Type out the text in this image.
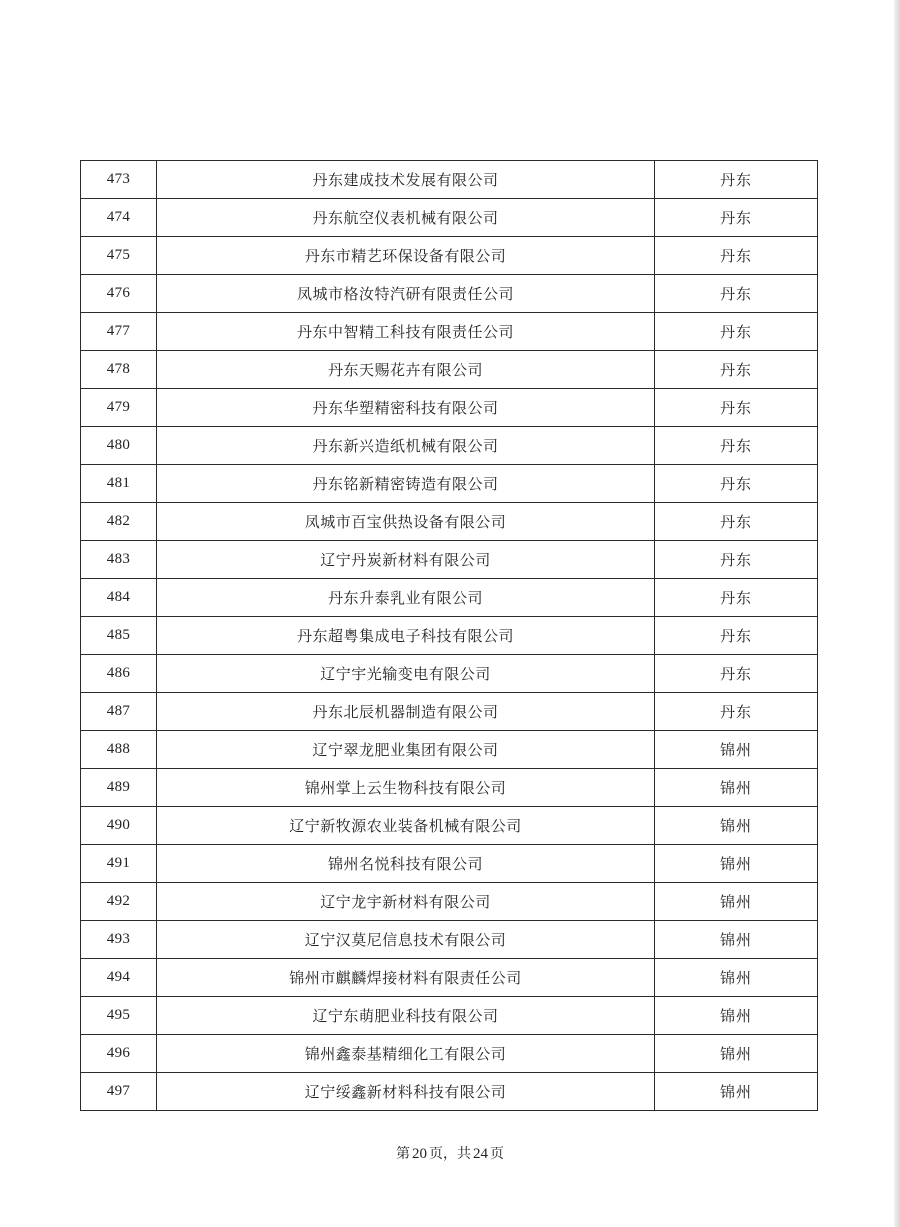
473	丹东建成技术发展有限公司	丹东
474	丹东航空仪表机械有限公司	丹东
475	丹东市精艺环保设备有限公司	丹东
476	凤城市格汝特汽研有限责任公司	丹东
477	丹东中智精工科技有限责任公司	丹东
478	丹东天赐花卉有限公司	丹东
479	丹东华塑精密科技有限公司	丹东
480	丹东新兴造纸机械有限公司	丹东
481	丹东铭新精密铸造有限公司	丹东
482	凤城市百宝供热设备有限公司	丹东
483	辽宁丹炭新材料有限公司	丹东
484	丹东升泰乳业有限公司	丹东
485	丹东超粤集成电子科技有限公司	丹东
486	辽宁宇光输变电有限公司	丹东
487	丹东北辰机器制造有限公司	丹东
488	辽宁翠龙肥业集团有限公司	锦州
489	锦州掌上云生物科技有限公司	锦州
490	辽宁新牧源农业装备机械有限公司	锦州
491	锦州名悦科技有限公司	锦州
492	辽宁龙宇新材料有限公司	锦州
493	辽宁汉莫尼信息技术有限公司	锦州
494	锦州市麒麟焊接材料有限责任公司	锦州
495	辽宁东萌肥业科技有限公司	锦州
496	锦州鑫泰基精细化工有限公司	锦州
497	辽宁绥鑫新材料科技有限公司	锦州
第 20 页，共 24 页
